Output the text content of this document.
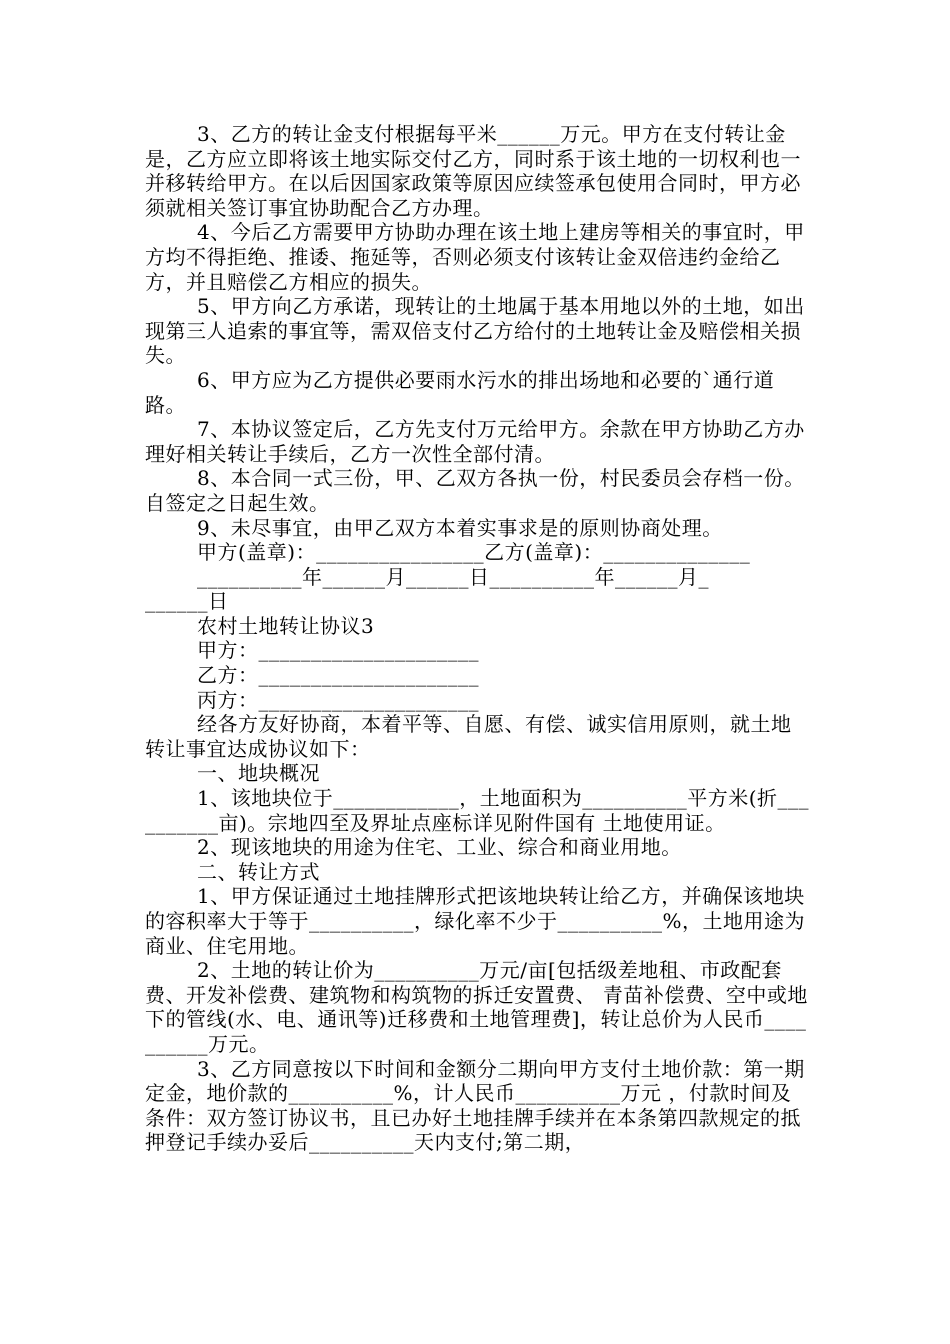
3、乙方的转让金支付根据每平米______万元。甲方在支付转让金是，乙方应立即将该土地实际交付乙方，同时系于该土地的一切权利也一并移转给甲方。在以后因国家政策等原因应续签承包使用合同时，甲方必须就相关签订事宜协助配合乙方办理。

4、今后乙方需要甲方协助办理在该土地上建房等相关的事宜时，甲方均不得拒绝、推诿、拖延等，否则必须支付该转让金双倍违约金给乙方，并且赔偿乙方相应的损失。

5、甲方向乙方承诺，现转让的土地属于基本用地以外的土地，如出现第三人追索的事宜等，需双倍支付乙方给付的土地转让金及赔偿相关损失。

6、甲方应为乙方提供必要雨水污水的排出场地和必要的`通行道路。

7、本协议签定后，乙方先支付万元给甲方。余款在甲方协助乙方办理好相关转让手续后，乙方一次性全部付清。

8、本合同一式三份，甲、乙双方各执一份，村民委员会存档一份。自签定之日起生效。

9、未尽事宜，由甲乙双方本着实事求是的原则协商处理。

甲方(盖章)：________________乙方(盖章)：______________

__________年______月______日__________年______月_

______日

农村土地转让协议3

甲方：_____________________

乙方：_____________________

丙方：_____________________

经各方友好协商，本着平等、自愿、有偿、诚实信用原则，就土地转让事宜达成协议如下：

一、地块概况

1、该地块位于____________，土地面积为__________平方米(折__________亩)。宗地四至及界址点座标详见附件国有 土地使用证。

2、现该地块的用途为住宅、工业、综合和商业用地。

二、转让方式

1、甲方保证通过土地挂牌形式把该地块转让给乙方，并确保该地块的容积率大于等于__________，绿化率不少于__________%，土地用途为商业、住宅用地。

2、土地的转让价为__________万元/亩[包括级差地租、市政配套费、开发补偿费、建筑物和构筑物的拆迁安置费、 青苗补偿费、空中或地下的管线(水、电、通讯等)迁移费和土地管理费]，转让总价为人民币__________万元。

3、乙方同意按以下时间和金额分二期向甲方支付土地价款：第一期定金，地价款的__________%，计人民币__________万元 ，付款时间及条件：双方签订协议书，且已办好土地挂牌手续并在本条第四款规定的抵押登记手续办妥后__________天内支付;第二期，
